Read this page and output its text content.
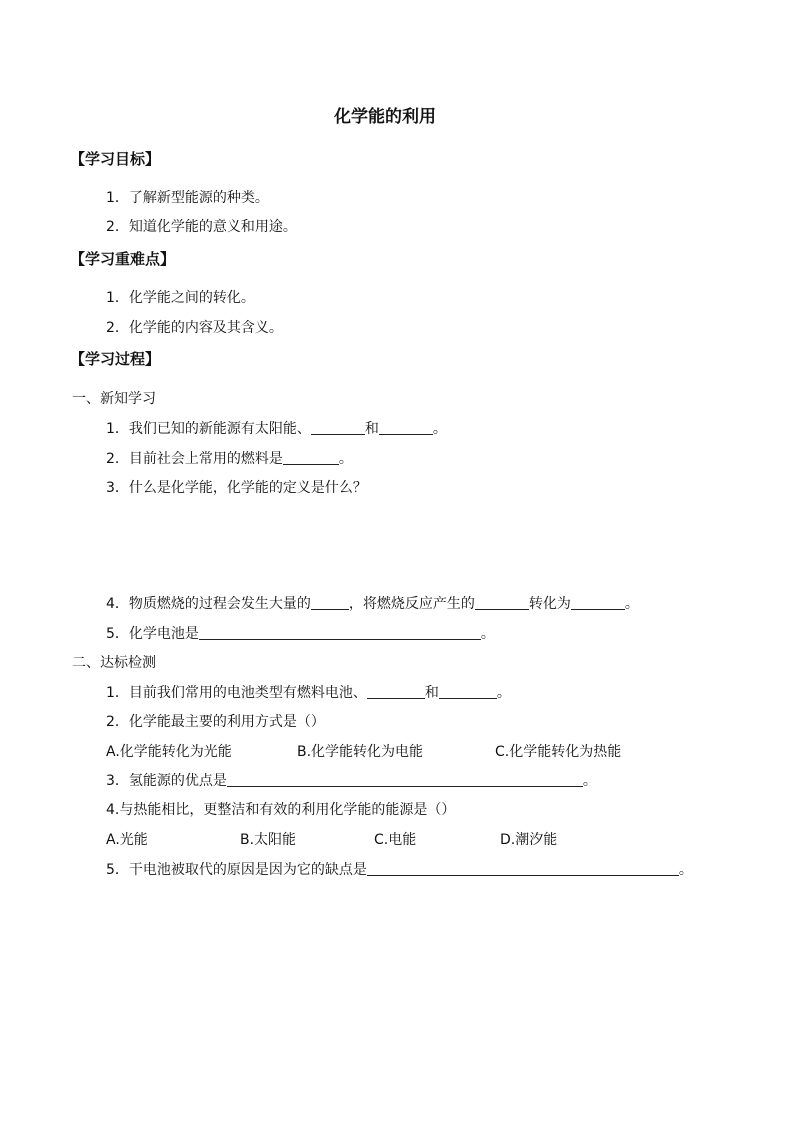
化学能的利用
【学习目标】
1．了解新型能源的种类。
2．知道化学能的意义和用途。
【学习重难点】
1．化学能之间的转化。
2．化学能的内容及其含义。
【学习过程】
一、新知学习
1．我们已知的新能源有太阳能、	和	。
2．目前社会上常用的燃料是	。
3．什么是化学能，化学能的定义是什么？
4．物质燃烧的过程会发生大量的	，将燃烧反应产生的	转化为	。
5．化学电池是	。
二、达标检测
1．目前我们常用的电池类型有燃料电池、	和	。
2．化学能最主要的利用方式是（）
A.化学能转化为光能	B.化学能转化为电能	C.化学能转化为热能
3．氢能源的优点是	。
4.与热能相比，更整洁和有效的利用化学能的能源是（）
A.光能	B.太阳能	C.电能	D.潮汐能
5．干电池被取代的原因是因为它的缺点是	。
